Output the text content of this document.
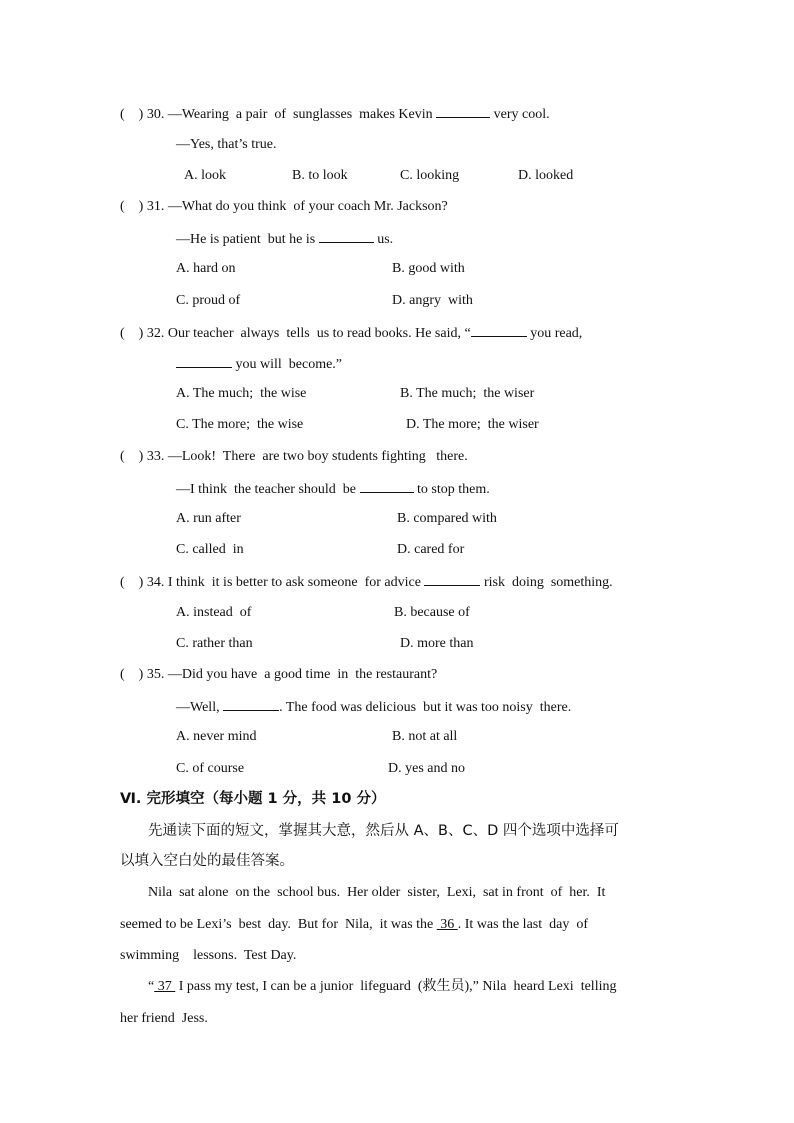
(    ) 30. —Wearing  a pair  of  sunglasses  makes Kevin	very cool.
—Yes, that’s true.
A. look	B. to look	C. looking	D. looked
(    ) 31. —What do you think  of your coach Mr. Jackson?
—He is patient  but he is	us.
A. hard on	B. good with
C. proud of	D. angry  with
(    ) 32. Our teacher  always  tells  us to read books. He said, “	you read,
you will  become.”
A. The much;  the wise	B. The much;  the wiser
C. The more;  the wise	D. The more;  the wiser
(    ) 33. —Look!  There  are two boy students fighting   there.
—I think  the teacher should  be	to stop them.
A. run after	B. compared with
C. called  in	D. cared for
(    ) 34. I think  it is better to ask someone  for advice	risk  doing  something.
A. instead  of	B. because of
C. rather than	D. more than
(    ) 35. —Did you have  a good time  in  the restaurant?
—Well,	. The food was delicious  but it was too noisy  there.
A. never mind	B. not at all
C. of course	D. yes and no
Ⅵ. 完形填空（每小题 1 分，共 10 分）
先通读下面的短文，掌握其大意，然后从 A、B、C、D 四个选项中选择可
以填入空白处的最佳答案。
Nila  sat alone  on the  school bus.  Her older  sister,  Lexi,  sat in front  of  her.  It
seemed to be Lexi’s  best  day.  But for  Nila,  it was the  36 . It was the last  day  of
swimming    lessons.  Test Day.
“ 37  I pass my test, I can be a junior  lifeguard  (救生员),” Nila  heard Lexi  telling
her friend  Jess.
